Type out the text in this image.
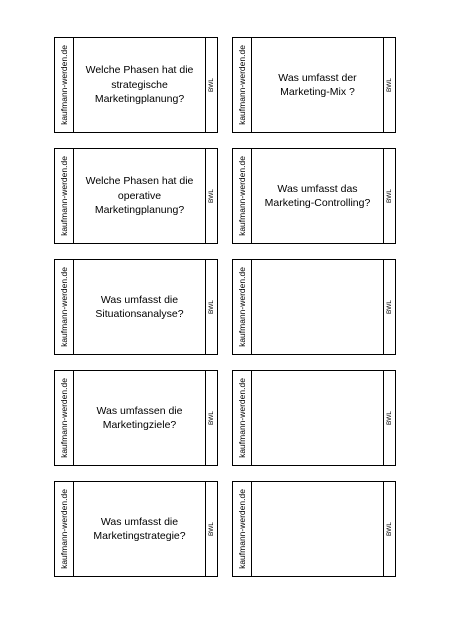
kaufmann-werden.de	Welche Phasen hat die strategische Marketingplanung?
BWL	kaufmann-werden.de	Was umfasst der Marketing-Mix ?	BWL
kaufmann-werden.de	Welche Phasen hat die operative Marketingplanung?
BWL	kaufmann-werden.de	Was umfasst das Marketing-Controlling?	BWL
kaufmann-werden.de	Was umfasst die Situationsanalyse?	BWL	kaufmann-werden.de	BWL
kaufmann-werden.de	Was umfassen die Marketingziele?	BWL	kaufmann-werden.de	BWL
kaufmann-werden.de	Was umfasst die Marketingstrategie?	BWL	kaufmann-werden.de	BWL
